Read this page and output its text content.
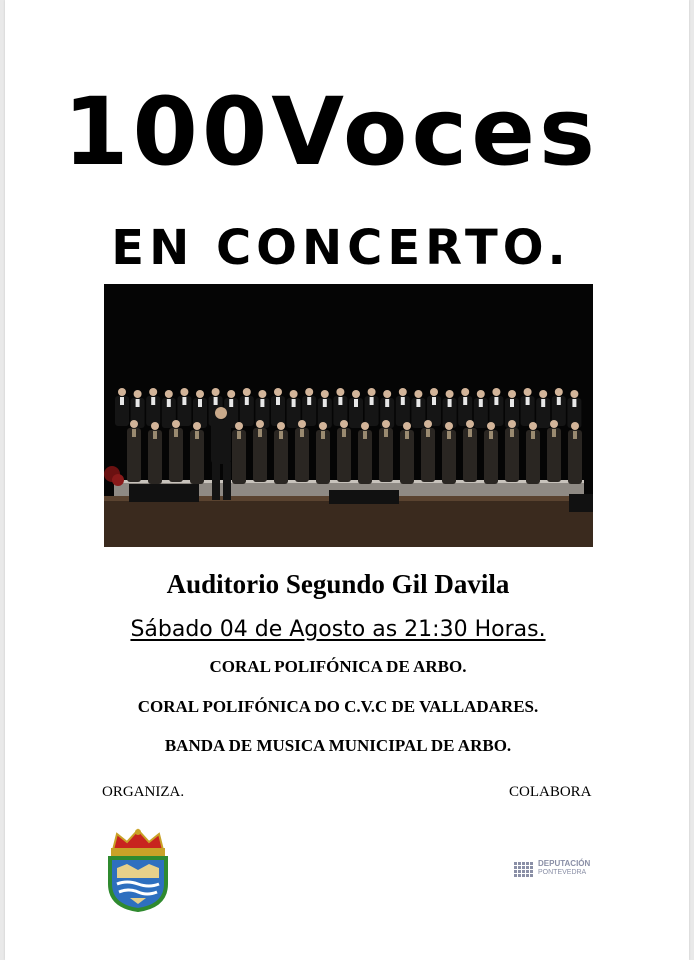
100Voces
EN CONCERTO.
Auditorio Segundo Gil Davila
Sábado 04 de Agosto as 21:30 Horas.
CORAL POLIFÓNICA DE ARBO.
CORAL POLIFÓNICA DO C.V.C DE VALLADARES.
BANDA DE MUSICA MUNICIPAL DE ARBO.
ORGANIZA.	COLABORA
DEPUTACIÓN
PONTEVEDRA
